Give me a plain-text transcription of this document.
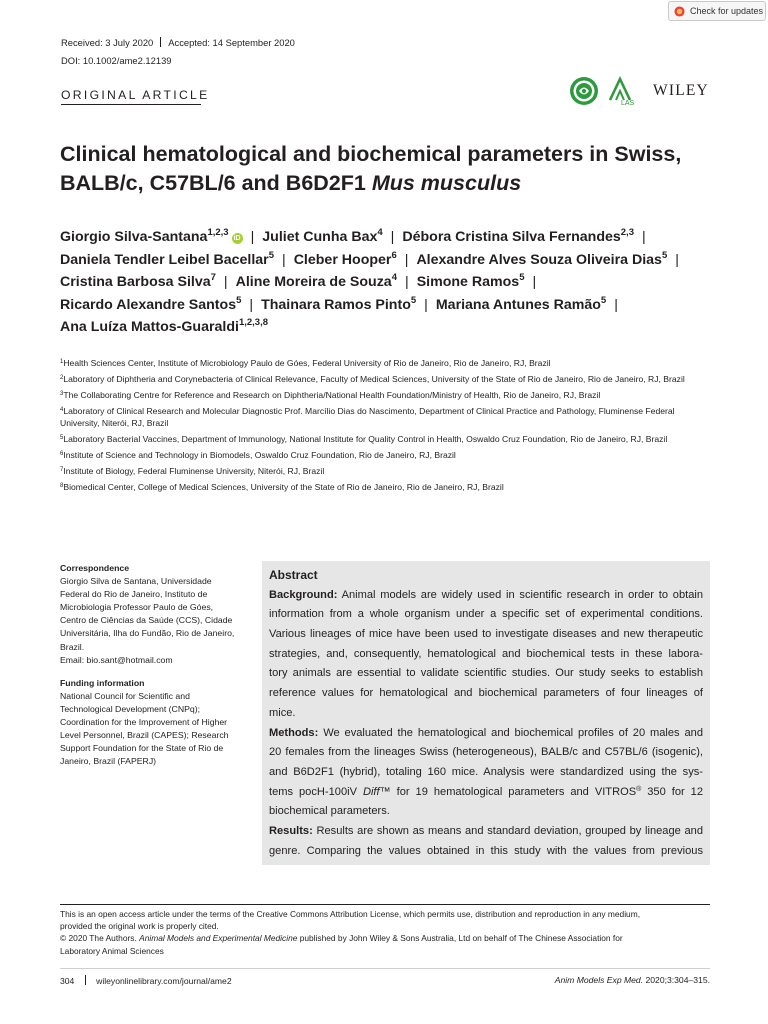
Check for updates
Received: 3 July 2020 Accepted: 14 September 2020
DOI: 10.1002/ame2.12139
ORIGINAL ARTICLE
LAS
WILEY
Clinical hematological and biochemical parameters in Swiss,
BALB/c, C57BL/6 and B6D2F1 Mus musculus
Giorgio Silva-Santana$^{1,2,3}$iD | Juliet Cunha Bax$^4$ | Débora Cristina Silva Fernandes$^{2,3}$ |
Daniela Tendler Leibel Bacellar$^5$ | Cleber Hooper$^6$ | Alexandre Alves Souza Oliveira Dias$^5$ |
Cristina Barbosa Silva$^7$ | Aline Moreira de Souza$^4$ | Simone Ramos$^5$ |
Ricardo Alexandre Santos$^5$ | Thainara Ramos Pinto$^5$ | Mariana Antunes Ramão$^5$ |
Ana Luíza Mattos-Guaraldi$^{1,2,3,8}$
$^1$Health Sciences Center, Institute of Microbiology Paulo de Góes, Federal University of Rio de Janeiro, Rio de Janeiro, RJ, Brazil
$^2$Laboratory of Diphtheria and Corynebacteria of Clinical Relevance, Faculty of Medical Sciences, University of the State of Rio de Janeiro, Rio de Janeiro, RJ, Brazil
$^3$The Collaborating Centre for Reference and Research on Diphtheria/National Health Foundation/Ministry of Health, Rio de Janeiro, RJ, Brazil
$^4$Laboratory of Clinical Research and Molecular Diagnostic Prof. Marcílio Dias do Nascimento, Department of Clinical Practice and Pathology, Fluminense Federal University, Niterói, RJ, Brazil
$^5$Laboratory Bacterial Vaccines, Department of Immunology, National Institute for Quality Control in Health, Oswaldo Cruz Foundation, Rio de Janeiro, RJ, Brazil
$^6$Institute of Science and Technology in Biomodels, Oswaldo Cruz Foundation, Rio de Janeiro, RJ, Brazil
$^7$Institute of Biology, Federal Fluminense University, Niterói, RJ, Brazil
$^8$Biomedical Center, College of Medical Sciences, University of the State of Rio de Janeiro, Rio de Janeiro, RJ, Brazil
Correspondence
Giorgio Silva de Santana, Universidade
Federal do Rio de Janeiro, Instituto de
Microbiologia Professor Paulo de Góes,
Centro de Ciências da Saúde (CCS), Cidade
Universitária, Ilha do Fundão, Rio de Janeiro,
Brazil.
Email: bio.sant@hotmail.com
Funding information
National Council for Scientific and
Technological Development (CNPq);
Coordination for the Improvement of Higher
Level Personnel, Brazil (CAPES); Research
Support Foundation for the State of Rio de
Janeiro, Brazil (FAPERJ)
Abstract
Background: Animal models are widely used in scientific research in order to obtain
information from a whole organism under a specific set of experimental conditions.
Various lineages of mice have been used to investigate diseases and new therapeutic
strategies, and, consequently, hematological and biochemical tests in these labora-
tory animals are essential to validate scientific studies. Our study seeks to establish
reference values for hematological and biochemical parameters of four lineages of
mice.
Methods: We evaluated the hematological and biochemical profiles of 20 males and
20 females from the lineages Swiss (heterogeneous), BALB/c and C57BL/6 (isogenic),
and B6D2F1 (hybrid), totaling 160 mice. Analysis were standardized using the sys-
tems pocH-100iV Diff™ for 19 hematological parameters and VITROS® 350 for 12
biochemical parameters.
Results: Results are shown as means and standard deviation, grouped by lineage and
genre. Comparing the values obtained in this study with the values from previous
This is an open access article under the terms of the Creative Commons Attribution License, which permits use, distribution and reproduction in any medium,
provided the original work is properly cited.
© 2020 The Authors. Animal Models and Experimental Medicine published by John Wiley & Sons Australia, Ltd on behalf of The Chinese Association for
Laboratory Animal Sciences
304	wileyonlinelibrary.com/journal/ame2	Anim Models Exp Med. 2020;3:304–315.
